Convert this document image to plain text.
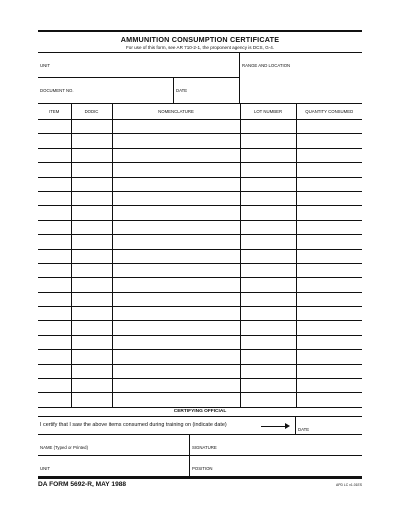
AMMUNITION CONSUMPTION CERTIFICATE
For use of this form, see AR 710-2-1, the proponent agency is DCS, G-4.
UNIT	RANGE AND LOCATION
DOCUMENT NO.	DATE
ITEM	DODIC	NOMENCLATURE	LOT NUMBER	QUANTITY CONSUMED

CERTIFYING OFFICIAL
I certify that I saw the above items consumed during training on (indicate date)
DATE
NAME (Typed or Printed)	SIGNATURE
UNIT	POSITION
DA FORM 5692-R, MAY 1988	APD LC v1.01ES
